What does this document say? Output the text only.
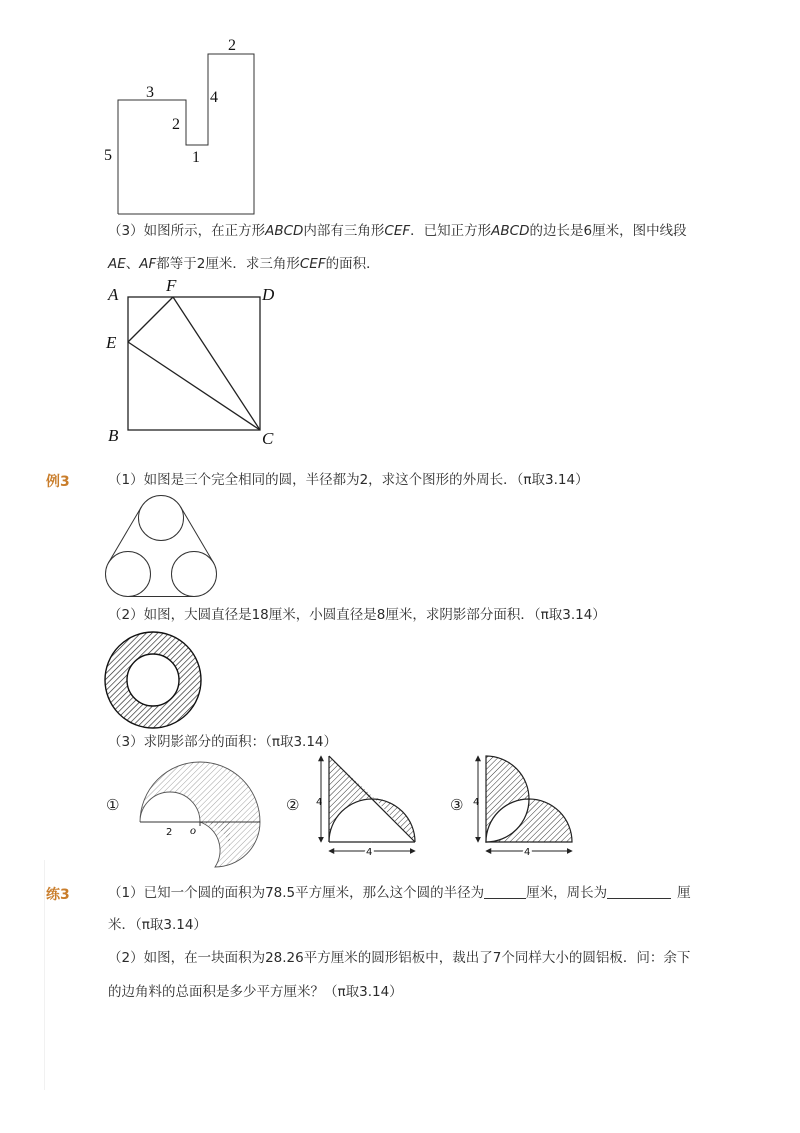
2
3	4
2
5	1
（3）如图所示，在正方形ABCD内部有三角形CEF．已知正方形ABCD的边长是6厘米，图中线段
AE、AF都等于2厘米．求三角形CEF的面积．
A	F	D
E
B	C
例3	（1）如图是三个完全相同的圆，半径都为2，求这个图形的外周长．（π取3.14）
（2）如图，大圆直径是18厘米，小圆直径是8厘米，求阴影部分面积．（π取3.14）
（3）求阴影部分的面积：（π取3.14）
①
2 o
② 4
4
③ 4
4
练3	（1）已知一个圆的面积为78.5平方厘米，那么这个圆的半径为	厘米，周长为	厘
米．（π取3.14）
（2）如图，在一块面积为28.26平方厘米的圆形铝板中，裁出了7个同样大小的圆铝板．问：余下
的边角料的总面积是多少平方厘米？（π取3.14）
